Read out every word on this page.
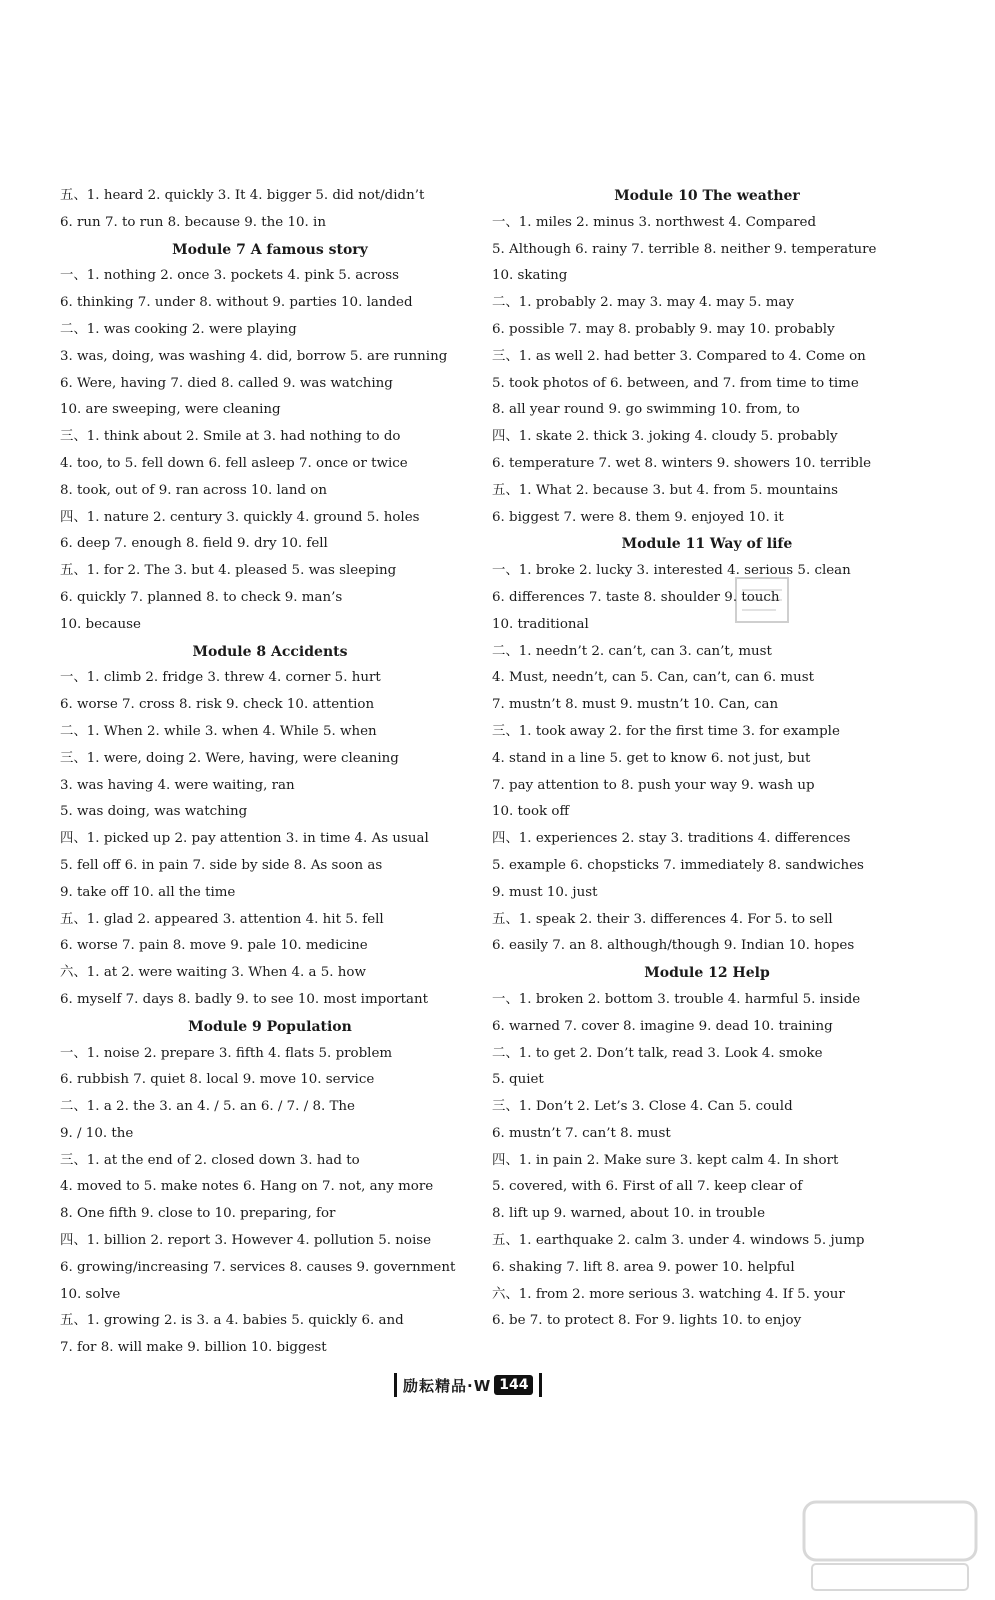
五、1. heard 2. quickly 3. It 4. bigger 5. did not/didn’t
6. run 7. to run 8. because 9. the 10. in
Module 7 A famous story
一、1. nothing 2. once 3. pockets 4. pink 5. across
6. thinking 7. under 8. without 9. parties 10. landed
二、1. was cooking 2. were playing
3. was, doing, was washing 4. did, borrow 5. are running
6. Were, having 7. died 8. called 9. was watching
10. are sweeping, were cleaning
三、1. think about 2. Smile at 3. had nothing to do
4. too, to 5. fell down 6. fell asleep 7. once or twice
8. took, out of 9. ran across 10. land on
四、1. nature 2. century 3. quickly 4. ground 5. holes
6. deep 7. enough 8. field 9. dry 10. fell
五、1. for 2. The 3. but 4. pleased 5. was sleeping
6. quickly 7. planned 8. to check 9. man’s
10. because
Module 8 Accidents
一、1. climb 2. fridge 3. threw 4. corner 5. hurt
6. worse 7. cross 8. risk 9. check 10. attention
二、1. When 2. while 3. when 4. While 5. when
三、1. were, doing 2. Were, having, were cleaning
3. was having 4. were waiting, ran
5. was doing, was watching
四、1. picked up 2. pay attention 3. in time 4. As usual
5. fell off 6. in pain 7. side by side 8. As soon as
9. take off 10. all the time
五、1. glad 2. appeared 3. attention 4. hit 5. fell
6. worse 7. pain 8. move 9. pale 10. medicine
六、1. at 2. were waiting 3. When 4. a 5. how
6. myself 7. days 8. badly 9. to see 10. most important
Module 9 Population
一、1. noise 2. prepare 3. fifth 4. flats 5. problem
6. rubbish 7. quiet 8. local 9. move 10. service
二、1. a 2. the 3. an 4. / 5. an 6. / 7. / 8. The
9. / 10. the
三、1. at the end of 2. closed down 3. had to
4. moved to 5. make notes 6. Hang on 7. not, any more
8. One fifth 9. close to 10. preparing, for
四、1. billion 2. report 3. However 4. pollution 5. noise
6. growing/increasing 7. services 8. causes 9. government
10. solve
五、1. growing 2. is 3. a 4. babies 5. quickly 6. and
7. for 8. will make 9. billion 10. biggest
Module 10 The weather
一、1. miles 2. minus 3. northwest 4. Compared
5. Although 6. rainy 7. terrible 8. neither 9. temperature
10. skating
二、1. probably 2. may 3. may 4. may 5. may
6. possible 7. may 8. probably 9. may 10. probably
三、1. as well 2. had better 3. Compared to 4. Come on
5. took photos of 6. between, and 7. from time to time
8. all year round 9. go swimming 10. from, to
四、1. skate 2. thick 3. joking 4. cloudy 5. probably
6. temperature 7. wet 8. winters 9. showers 10. terrible
五、1. What 2. because 3. but 4. from 5. mountains
6. biggest 7. were 8. them 9. enjoyed 10. it
Module 11 Way of life
一、1. broke 2. lucky 3. interested 4. serious 5. clean
6. differences 7. taste 8. shoulder 9. touch
10. traditional
二、1. needn’t 2. can’t, can 3. can’t, must
4. Must, needn’t, can 5. Can, can’t, can 6. must
7. mustn’t 8. must 9. mustn’t 10. Can, can
三、1. took away 2. for the first time 3. for example
4. stand in a line 5. get to know 6. not just, but
7. pay attention to 8. push your way 9. wash up
10. took off
四、1. experiences 2. stay 3. traditions 4. differences
5. example 6. chopsticks 7. immediately 8. sandwiches
9. must 10. just
五、1. speak 2. their 3. differences 4. For 5. to sell
6. easily 7. an 8. although/though 9. Indian 10. hopes
Module 12 Help
一、1. broken 2. bottom 3. trouble 4. harmful 5. inside
6. warned 7. cover 8. imagine 9. dead 10. training
二、1. to get 2. Don’t talk, read 3. Look 4. smoke
5. quiet
三、1. Don’t 2. Let’s 3. Close 4. Can 5. could
6. mustn’t 7. can’t 8. must
四、1. in pain 2. Make sure 3. kept calm 4. In short
5. covered, with 6. First of all 7. keep clear of
8. lift up 9. warned, about 10. in trouble
五、1. earthquake 2. calm 3. under 4. windows 5. jump
6. shaking 7. lift 8. area 9. power 10. helpful
六、1. from 2. more serious 3. watching 4. If 5. your
6. be 7. to protect 8. For 9. lights 10. to enjoy
励耘精品·W 144
